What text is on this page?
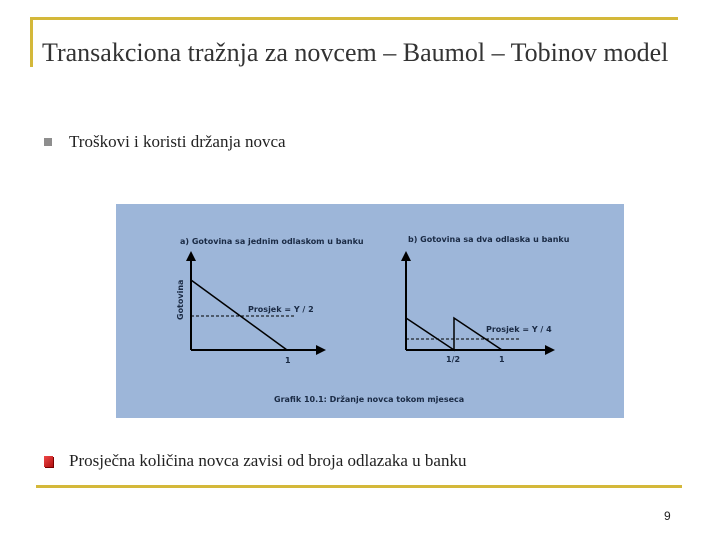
Transakciona tražnja za novcem – Baumol – Tobinov model
Troškovi i koristi držanja novca
a) Gotovina sa jednim odlaskom u banku
Prosjek = Y / 2
1
Gotovina
b) Gotovina sa dva odlaska u banku
Prosjek = Y / 4
1/2	1
Grafik 10.1: Držanje novca tokom mjeseca
Prosječna količina novca zavisi od broja odlazaka u banku
9
